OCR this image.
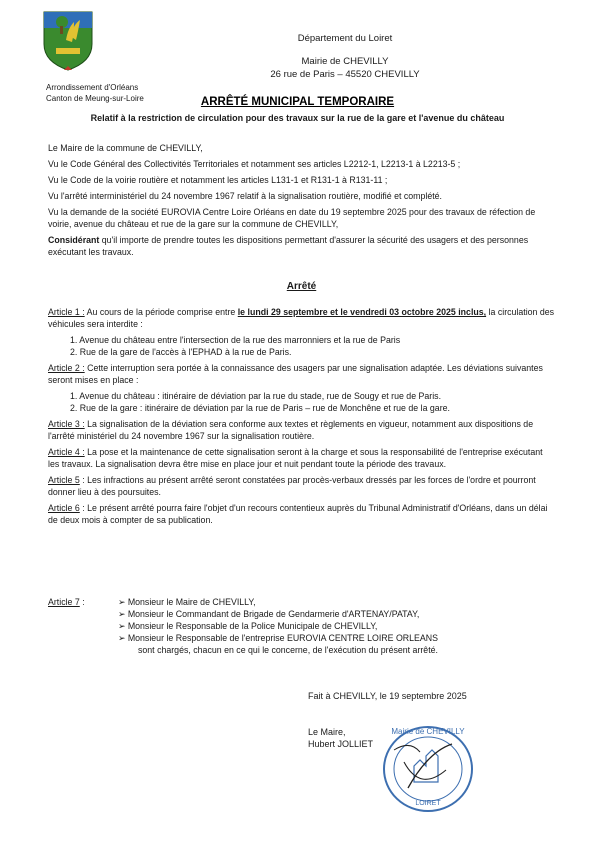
Arrondissement d'Orléans
Canton de Meung-sur-Loire
Département du Loiret
Mairie de CHEVILLY
26 rue de Paris – 45520 CHEVILLY
ARRÊTÉ MUNICIPAL TEMPORAIRE
Relatif à la restriction de circulation pour des travaux sur la rue de la gare et l'avenue du château

Le Maire de la commune de CHEVILLY,

Vu le Code Général des Collectivités Territoriales et notamment ses articles L2212-1, L2213-1 à L2213-5 ;

Vu le Code de la voirie routière et notamment les articles L131-1 et R131-1 à R131-11 ;

Vu l'arrêté interministériel du 24 novembre 1967 relatif à la signalisation routière, modifié et complété.

Vu la demande de la société EUROVIA Centre Loire Orléans en date du 19 septembre 2025 pour des travaux de réfection de voirie, avenue du château et rue de la gare sur la commune de CHEVILLY,

Considérant qu'il importe de prendre toutes les dispositions permettant d'assurer la sécurité des usagers et des personnes exécutant les travaux.

Arrêté

Article 1 : Au cours de la période comprise entre le lundi 29 septembre et le vendredi 03 octobre 2025 inclus, la circulation des véhicules sera interdite :

1. Avenue du château entre l'intersection de la rue des marronniers et la rue de Paris
2. Rue de la gare de l'accès à l'EPHAD à la rue de Paris.

Article 2 : Cette interruption sera portée à la connaissance des usagers par une signalisation adaptée. Les déviations suivantes seront mises en place :

1. Avenue du château : itinéraire de déviation par la rue du stade, rue de Sougy et rue de Paris.
2. Rue de la gare : itinéraire de déviation par la rue de Paris – rue de Monchêne et rue de la gare.

Article 3 : La signalisation de la déviation sera conforme aux textes et règlements en vigueur, notamment aux dispositions de l'arrêté ministériel du 24 novembre 1967 sur la signalisation routière.

Article 4 : La pose et la maintenance de cette signalisation seront à la charge et sous la responsabilité de l'entreprise exécutant les travaux. La signalisation devra être mise en place jour et nuit pendant toute la période des travaux.

Article 5 : Les infractions au présent arrêté seront constatées par procès-verbaux dressés par les forces de l'ordre et pourront donner lieu à des poursuites.

Article 6 : Le présent arrêté pourra faire l'objet d'un recours contentieux auprès du Tribunal Administratif d'Orléans, dans un délai de deux mois à compter de sa publication.

Article 7 :	➢ Monsieur le Maire de CHEVILLY,
➢ Monsieur le Commandant de Brigade de Gendarmerie d'ARTENAY/PATAY,
➢ Monsieur le Responsable de la Police Municipale de CHEVILLY,
➢ Monsieur le Responsable de l'entreprise EUROVIA CENTRE LOIRE ORLEANS
sont chargés, chacun en ce qui le concerne, de l'exécution du présent arrêté.
Fait à CHEVILLY, le 19 septembre 2025
Le Maire,
Hubert JOLLIET
Mairie de CHEVILLY
LOIRET
